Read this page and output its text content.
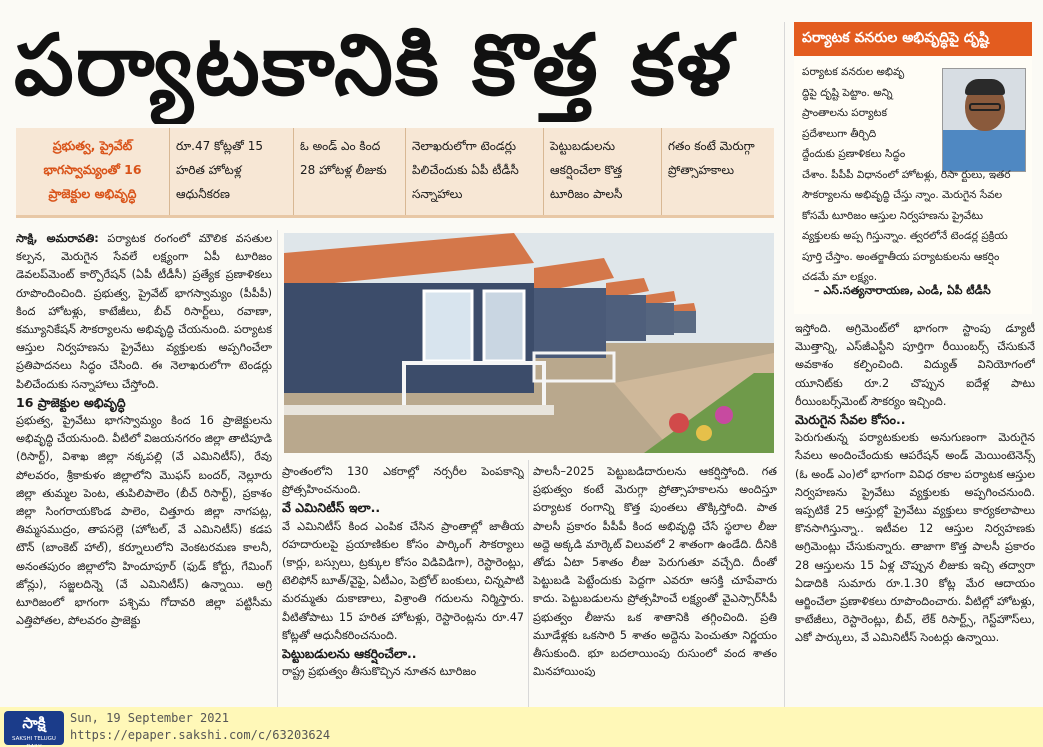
పర్యాటకానికి కొత్త కళ	పర్యాటక వనరుల అభివృద్ధిపై దృష్టి
పర్యాటక వనరుల అభివృ
ద్ధిపై దృష్టి పెట్టాం. అన్ని
ప్రాంతాలను పర్యాటక
ప్రదేశాలుగా తీర్చిది
ద్దేందుకు ప్రణాళికలు సిద్ధం
చేశాం. పీపీపీ విధానంలో హోటళ్లు, రిసా ర్టులు, ఇతర సౌకర్యాలను అభివృద్ధి చేస్తు న్నాం. మెరుగైన సేవల కోసమే టూరిజం ఆస్తుల నిర్వహణను ప్రైవేటు వ్యక్తులకు అప్ప గిస్తున్నాం. త్వరలోనే టెండర్ల ప్రక్రియ పూర్తి చేస్తాం. అంతర్జాతీయ పర్యాటకులను ఆకర్షిం చడమే మా లక్ష్యం.
– ఎస్‌.సత్యనారాయణ, ఎండీ, ఏపీ టీడీసీ
ప్రభుత్వ, ప్రైవేట్ భాగస్వామ్యంతో 16 ప్రాజెక్టుల అభివృద్ధి
రూ.47 కోట్లతో 15 హరిత హోటళ్ల ఆధునీకరణ
ఓ అండ్ ఎం కింద 28 హోటళ్ల లీజుకు
నెలాఖరులోగా టెండర్లు పిలిచేందుకు ఏపీ టీడీసీ సన్నాహాలు
పెట్టుబడులను ఆకర్షించేలా కొత్త టూరిజం పాలసీ
గతం కంటే మెరుగ్గా ప్రోత్సాహకాలు

సాక్షి, అమరావతి: పర్యాటక రంగంలో మౌలిక వసతుల కల్పన, మెరుగైన సేవలే లక్ష్యంగా ఏపీ టూరిజం డెవలప్‌మెంట్ కార్పొరేషన్ (ఏపీ టీడీసీ) ప్రత్యేక ప్రణాళికలు రూపొందించింది. ప్రభుత్వ, ప్రైవేట్ భాగస్వామ్యం (పీపీపీ) కింద హోటళ్లు, కాటేజీలు, బీచ్ రిసార్ట్‌లు, రవాణా, కమ్యూనికేషన్ సౌకర్యాలను అభివృద్ధి చేయనుంది. పర్యాటక ఆస్తుల నిర్వహణను ప్రైవేటు వ్యక్తులకు అప్పగించేలా ప్రతిపాదనలు సిద్ధం చేసింది. ఈ నెలాఖరులోగా టెండర్లు పిలిచేందుకు సన్నాహాలు చేస్తోంది.

16 ప్రాజెక్టుల అభివృద్ధి

ప్రభుత్వ, ప్రైవేటు భాగస్వామ్యం కింద 16 ప్రాజెక్టులను అభివృద్ధి చేయనుంది. వీటిలో విజయనగరం జిల్లా తాటిపూడి (రిసార్ట్), విశాఖ జిల్లా నక్కపల్లి (వే ఎమినిటీస్), రేవు పోలవరం, శ్రీకాకుళం జిల్లాలోని మొఫస్ బందర్, నెల్లూరు జిల్లా తుమ్మల పెంట, తుపిలిపాలెం (బీచ్ రిసార్ట్), ప్రకాశం జిల్లా సింగరాయకొండ పాలెం, చిత్తూరు జిల్లా నాగపట్ల, తిమ్మసముద్రం, తాపసల్లె (హోటల్, వే ఎమినిటీస్) కడప టౌన్ (బాంకెట్ హాల్), కర్నూలులోని వెంకటరమణ కాలనీ, అనంతపురం జిల్లాలోని హిందూపూర్ (ఫుడ్ కోర్టు, గేమింగ్ జోన్లు), సజ్జలదిన్నె (వే ఎమినిటీస్) ఉన్నాయి. అగ్రి టూరిజంలో భాగంగా పశ్చిమ గోదావరి జిల్లా పట్టిసీమ ఎత్తిపోతల, పోలవరం ప్రాజెక్టు

ప్రాంతంలోని 130 ఎకరాల్లో నర్సరీల పెంపకాన్ని ప్రోత్సహించనుంది.

వే ఎమినిటీస్ ఇలా..

వే ఎమినిటీస్ కింద ఎంపిక చేసిన ప్రాంతాల్లో జాతీయ రహదారులపై ప్రయాణికుల కోసం పార్కింగ్ సౌకర్యాలు (కార్లు, బస్సులు, ట్రక్కుల కోసం విడివిడిగా), రెస్టారెంట్లు, టెలిఫోన్ బూత్‌/వైఫై, ఏటీఎం, పెట్రోల్ బంకులు, చిన్నపాటి మరమ్మతు దుకాణాలు, విశ్రాంతి గదులను నిర్మిస్తారు. వీటితోపాటు 15 హరిత హోటళ్లు, రెస్టారెంట్లను రూ.47 కోట్లతో ఆధునీకరించనుంది.

పెట్టుబడులను ఆకర్షించేలా..

రాష్ట్ర ప్రభుత్వం తీసుకొచ్చిన నూతన టూరిజం

పాలసీ–2025 పెట్టుబడిదారులను ఆకర్షిస్తోంది. గత ప్రభుత్వం కంటే మెరుగ్గా ప్రోత్సాహకాలను అందిస్తూ పర్యాటక రంగాన్ని కొత్త పుంతలు తొక్కిస్తోంది. పాత పాలసీ ప్రకారం పీపీపీ కింద అభివృద్ధి చేసే స్థలాల లీజు అద్దె అక్కడి మార్కెట్ విలువలో 2 శాతంగా ఉండేది. దీనికి తోడు ఏటా 5శాతం లీజు పెరుగుతూ వచ్చేది. దీంతో పెట్టుబడి పెట్టేందుకు పెద్దగా ఎవరూ ఆసక్తి చూపేవారు కాదు. పెట్టుబడులను ప్రోత్సహించే లక్ష్యంతో వైఎస్సార్‌సీపీ ప్రభుత్వం లీజును ఒక శాతానికి తగ్గించింది. ప్రతి మూడేళ్లకు ఒకసారి 5 శాతం అద్దెను పెంచుతూ నిర్ణయం తీసుకుంది. భూ బదలాయింపు రుసుంలో వంద శాతం మినహాయింపు

ఇస్తోంది. అగ్రిమెంట్‌లో భాగంగా స్టాంపు డ్యూటీ మొత్తాన్ని, ఎస్‌జీఎస్టీని పూర్తిగా రీయింబర్స్ చేసుకునే అవకాశం కల్పించింది. విద్యుత్ వినియోగంలో యూనిట్‌కు రూ.2 చొప్పున ఐదేళ్ల పాటు రీయింబర్స్‌మెంట్ సౌకర్యం ఇచ్చింది.

మెరుగైన సేవల కోసం..

పెరుగుతున్న పర్యాటకులకు అనుగుణంగా మెరుగైన సేవలు అందించేందుకు ఆపరేషన్ అండ్ మెయింటెనెన్స్ (ఓ అండ్ ఎం)లో భాగంగా వివిధ రకాల పర్యాటక ఆస్తుల నిర్వహణను ప్రైవేటు వ్యక్తులకు అప్పగించనుంది. ఇప్పటికే 25 ఆస్తుల్లో ప్రైవేటు వ్యక్తులు కార్యకలాపాలు కొనసాగిస్తున్నా.. ఇటీవల 12 ఆస్తుల నిర్వహణకు అగ్రిమెంట్లు చేసుకున్నారు. తాజాగా కొత్త పాలసీ ప్రకారం 28 ఆస్తులను 15 ఏళ్ల చొప్పున లీజుకు ఇచ్చి తద్వారా ఏడాదికి సుమారు రూ.1.30 కోట్ల మేర ఆదాయం ఆర్జించేలా ప్రణాళికలు రూపొందించారు. వీటిల్లో హోటళ్లు, కాటేజీలు, రెస్టారెంట్లు, బీచ్, లేక్ రిసార్ట్స్, గెస్ట్‌హౌస్‌లు, ఎకో పార్కులు, వే ఎమినిటీస్ సెంటర్లు ఉన్నాయి.

సాక్షి
SAKSHI TELUGU DAILY
Sun, 19 September 2021
https://epaper.sakshi.com/c/63203624
